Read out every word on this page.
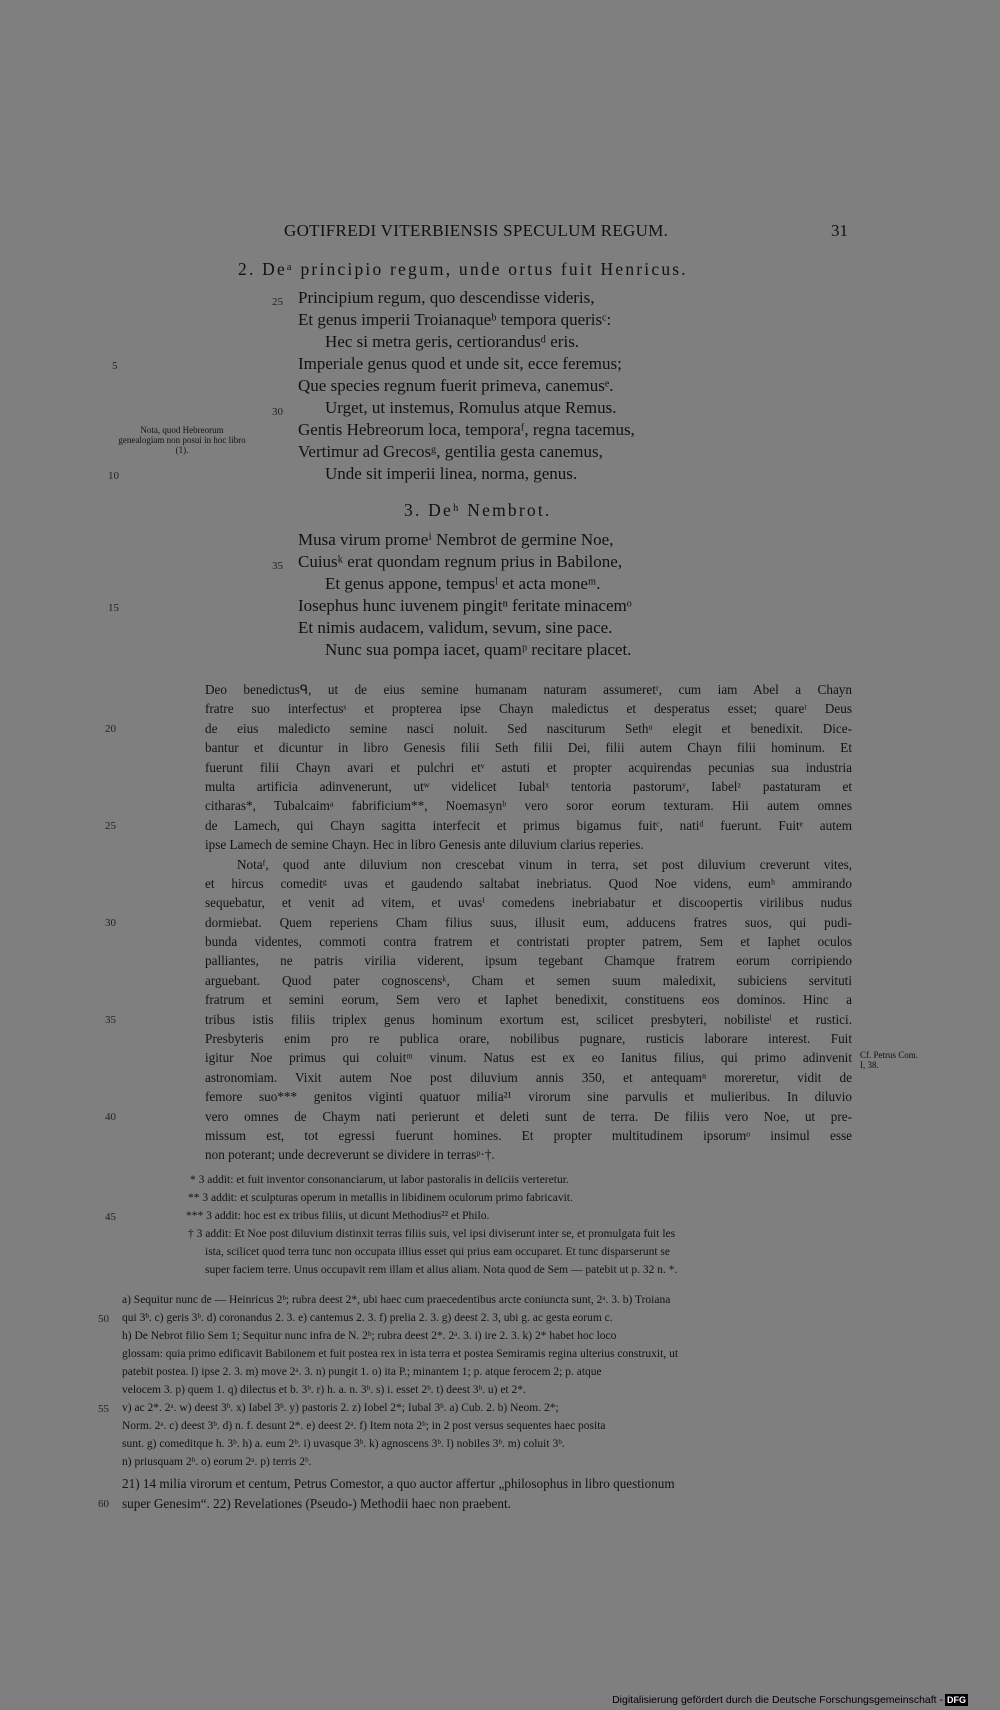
GOTIFREDI VITERBIENSIS SPECULUM REGUM.	31
2. Deᵃ principio regum, unde ortus fuit Henricus.
25 Principium regum, quo descendisse videris,
Et genus imperii Troianaqueᵇ tempora querisᶜ:
Hec si metra geris, certiorandusᵈ eris.
5	Imperiale genus quod et unde sit, ecce feremus;
Que species regnum fuerit primeva, canemusᵉ.
30 Urget, ut instemus, Romulus atque Remus.
Nota, quod Hebreorum genealogiam non posui in hoc libro (1).
Gentis Hebreorum loca, temporaᶠ, regna tacemus,
Vertimur ad Grecosᵍ, gentilia gesta canemus,
10	Unde sit imperii linea, norma, genus.
3. Deʰ Nembrot.
Musa virum promeⁱ Nembrot de germine Noe,
35 Cuiusᵏ erat quondam regnum prius in Babilone,
Et genus appone, tempusˡ et acta moneᵐ.
15	Iosephus hunc iuvenem pingitⁿ feritate minacemᵒ
Et nimis audacem, validum, sevum, sine pace.
Nunc sua pompa iacet, quamᵖ recitare placet.
Deo benedictusᑫ, ut de eius semine humanam naturam assumeretʳ, cum iam Abel a Chayn
fratre suo interfectusˢ et propterea ipse Chayn maledictus et desperatus esset; quareᵗ Deus
de eius maledicto semine nasci noluit. Sed nasciturum Sethᵘ elegit et benedixit. Dice-
bantur et dicuntur in libro Genesis filii Seth filii Dei, filii autem Chayn filii hominum. Et
fuerunt filii Chayn avari et pulchri etᵛ astuti et propter acquirendas pecunias sua industria
multa artificia adinvenerunt, utʷ videlicet Iubalˣ tentoria pastorumʸ, Iabelᶻ pastaturam et
citharas*, Tubalcaimᵃ fabrificium**, Noemasynᵇ vero soror eorum texturam. Hii autem omnes
de Lamech, qui Chayn sagitta interfecit et primus bigamus fuitᶜ, natiᵈ fuerunt. Fuitᵉ autem
ipse Lamech de semine Chayn. Hec in libro Genesis ante diluvium clarius reperies.
Notaᶠ, quod ante diluvium non crescebat vinum in terra, set post diluvium creverunt vites,
et hircus comeditᵍ uvas et gaudendo saltabat inebriatus. Quod Noe videns, eumʰ ammirando
sequebatur, et venit ad vitem, et uvasⁱ comedens inebriabatur et discoopertis virilibus nudus
dormiebat. Quem reperiens Cham filius suus, illusit eum, adducens fratres suos, qui pudi-
bunda videntes, commoti contra fratrem et contristati propter patrem, Sem et Iaphet oculos
palliantes, ne patris virilia viderent, ipsum tegebant Chamque fratrem eorum corripiendo
arguebant. Quod pater cognoscensᵏ, Cham et semen suum maledixit, subiciens servituti
fratrum et semini eorum, Sem vero et Iaphet benedixit, constituens eos dominos. Hinc a
tribus istis filiis triplex genus hominum exortum est, scilicet presbyteri, nobilisteˡ et rustici.
Presbyteris enim pro re publica orare, nobilibus pugnare, rusticis laborare interest. Fuit
igitur Noe primus qui coluitᵐ vinum. Natus est ex eo Ianitus filius, qui primo adinvenit
astronomiam. Vixit autem Noe post diluvium annis 350, et antequamⁿ moreretur, vidit de
femore suo*** genitos viginti quatuor milia²¹ virorum sine parvulis et mulieribus. In diluvio
vero omnes de Chaym nati perierunt et deleti sunt de terra. De filiis vero Noe, ut pre-
missum est, tot egressi fuerunt homines. Et propter multitudinem ipsorumᵒ insimul esse
non poterant; unde decreverunt se dividere in terrasᵖ·†.
20
25
30
35
40
Cf. Petrus Com. I, 38.
* 3 addit: et fuit inventor consonanciarum, ut labor pastoralis in deliciis verteretur.
** 3 addit: et sculpturas operum in metallis in libidinem oculorum primo fabricavit.
*** 3 addit: hoc est ex tribus filiis, ut dicunt Methodius²² et Philo.
45
† 3 addit: Et Noe post diluvium distinxit terras filiis suis, vel ipsi diviserunt inter se, et promulgata fuit les
ista, scilicet quod terra tunc non occupata illius esset qui prius eam occuparet. Et tunc disparserunt se
super faciem terre. Unus occupavit rem illam et alius aliam. Nota quod de Sem — patebit ut p. 32 n. *.
a) Sequitur nunc de — Heinricus 2ᵇ; rubra deest 2*, ubi haec cum praecedentibus arcte coniuncta sunt, 2ᵃ. 3. b) Troiana
50 qui 3ᵇ. c) geris 3ᵇ. d) coronandus 2. 3. e) cantemus 2. 3. f) prelia 2. 3. g) deest 2. 3, ubi g. ac gesta eorum c.
h) De Nebrot filio Sem 1; Sequitur nunc infra de N. 2ᵇ; rubra deest 2*. 2ᵃ. 3. i) ire 2. 3. k) 2* habet hoc loco
glossam: quia primo edificavit Babilonem et fuit postea rex in ista terra et postea Semiramis regina ulterius construxit, ut
patebit postea. l) ipse 2. 3. m) move 2ᵃ. 3. n) pungit 1. o) ita P.; minantem 1; p. atque ferocem 2; p. atque
velocem 3. p) quem 1. q) dilectus et b. 3ᵇ. r) h. a. n. 3ᵇ. s) i. esset 2ᵇ. t) deest 3ᵇ. u) et 2*.
55 v) ac 2*. 2ᵃ. w) deest 3ᵇ. x) Iabel 3ᵇ. y) pastoris 2. z) Iobel 2*; Iubal 3ᵇ. a) Cub. 2. b) Neom. 2*;
Norm. 2ᵃ. c) deest 3ᵇ. d) n. f. desunt 2*. e) deest 2ᵃ. f) Item nota 2ᵇ; in 2 post versus sequentes haec posita
sunt. g) comeditque h. 3ᵇ. h) a. eum 2ᵇ. i) uvasque 3ᵇ. k) agnoscens 3ᵇ. l) nobiles 3ᵇ. m) coluit 3ᵇ.
n) priusquam 2ᵇ. o) eorum 2ᵃ. p) terris 2ᵇ.
21) 14 milia virorum et centum, Petrus Comestor, a quo auctor affertur „philosophus in libro questionum
60 super Genesim“. 22) Revelationes (Pseudo-) Methodii haec non praebent.
Digitalisierung gefördert durch die Deutsche Forschungsgemeinschaft - DFG
